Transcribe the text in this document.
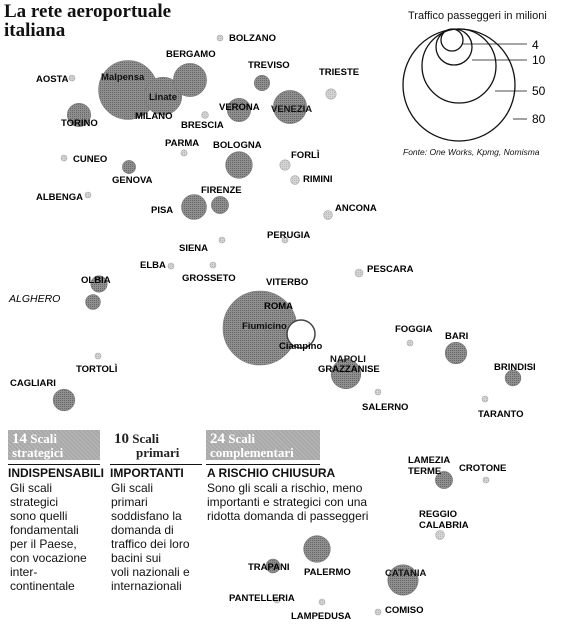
4
10
50
80
BOLZANO
AOSTA
BERGAMO
Malpensa
Linate
MILANO
TREVISO
TRIESTE
VENEZIA
VERONA
BRESCIA
TORINO
CUNEO
PARMA BOLOGNA
FORLÌ
GENOVA	RIMINI
ALBENGA
FIRENZE
PISA	ANCONA
PERUGIA
SIENA
ELBA
GROSSETO
PESCARA
OLBIA	VITERBO
ALGHERO
ROMA
Fiumicino
Ciampino
FOGGIA
BARI
TORTOLÌ
NAPOLI
GRAZZANISE	BRINDISI
CAGLIARI
SALERNO
TARANTO
LAMEZIA TERME	CROTONE
REGGIO CALABRIA
TRAPANI PALERMO	CATANIA
PANTELLERIA
LAMPEDUSA
COMISO
La rete aeroportuale
italiana
Traffico passeggeri in milioni
Fonte: One Works, Kpmg, Nomisma
14 Scali
strategici
INDISPENSABILI
Gli scali
strategici
sono quelli
fondamentali
per il Paese,
con vocazione
inter-
continentale
10 Scali
primari
IMPORTANTI
Gli scali
primari
soddisfano la
domanda di
traffico dei loro
bacini sui
voli nazionali e
internazionali
24 Scali
complementari
A RISCHIO CHIUSURA
Sono gli scali a rischio, meno
importanti e strategici con una
ridotta domanda di passeggeri
